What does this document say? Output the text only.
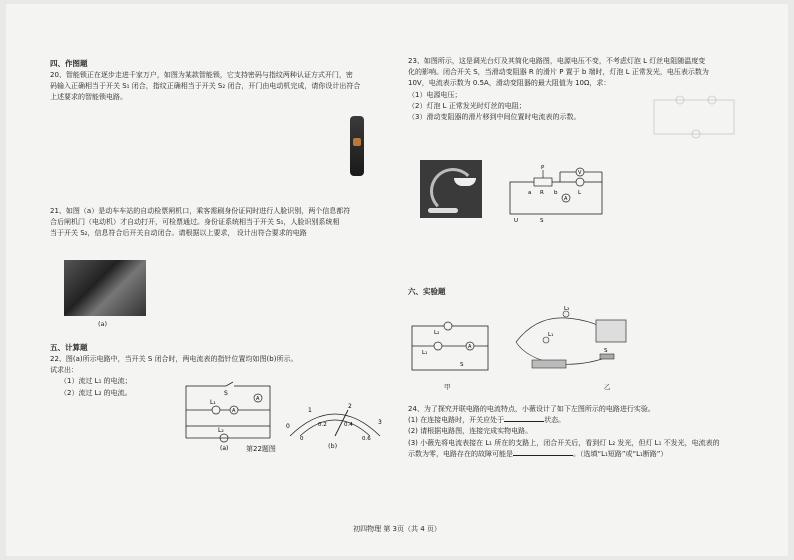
四、作图题

20、智能锁正在逐步走进千家万户，如图为某款智能锁，它支持密码与指纹两种认证方式开门，密

码输入正确相当于开关 S₁ 闭合，指纹正确相当于开关 S₂ 闭合，开门由电动机完成，请你设计出符合

上述要求的智能锁电路。

21、如图（a）是动车车站的自动检票闸机口，乘客需刷身份证同时进行人脸识别，两个信息都符

合后闸机门（电动机）才自动打开，可检票通过。身份证系统相当于开关 S₁，人脸识别系统相

当于开关 S₂，信息符合后开关自动闭合。请根据以上要求， 设计出符合要求的电路

(a)

五、计算题

22、图(a)所示电路中，当开关 S 闭合时，两电流表的指针位置均如图(b)所示。

试求出：

（1）流过 L₁ 的电流；

（2）流过 L₂ 的电流。	S
L₁
L₂
A
A
(a)
0
1
2
3
0
0.2	0.4
0.6
第22题图	(b)

23、如图所示，这是调光台灯及其简化电路图，电源电压不变，不考虑灯泡 L 灯丝电阻随温度变

化的影响。闭合开关 S，当滑动变阻器 R 的滑片 P 置于 b 端时，灯泡 L 正常发光，电压表示数为

10V，电流表示数为 0.5A，滑动变阻器的最大阻值为 10Ω，求：

（1）电源电压；

（2）灯泡 L 正常发光时灯丝的电阻；

（3）滑动变阻器的滑片移到中间位置时电流表的示数。

P
a R b
V
A
L
S
U

六、实验题

L₂
L₁
A
S
甲
L₂
L₁
S
乙

24、为了探究并联电路的电流特点，小薇设计了如下左图所示的电路进行实验。

(1) 在连接电路时，开关应处于	状态。

(2) 请根据电路图，连接完成实物电路。

(3) 小薇先将电流表接在 L₁ 所在的支路上，闭合开关后，看到灯 L₂ 发光，但灯 L₁ 不发光，电流表的

示数为零，电路存在的故障可能是	。（选填“L₁短路”或“L₁断路”）

初四物理 第 3页（共 4 页）
